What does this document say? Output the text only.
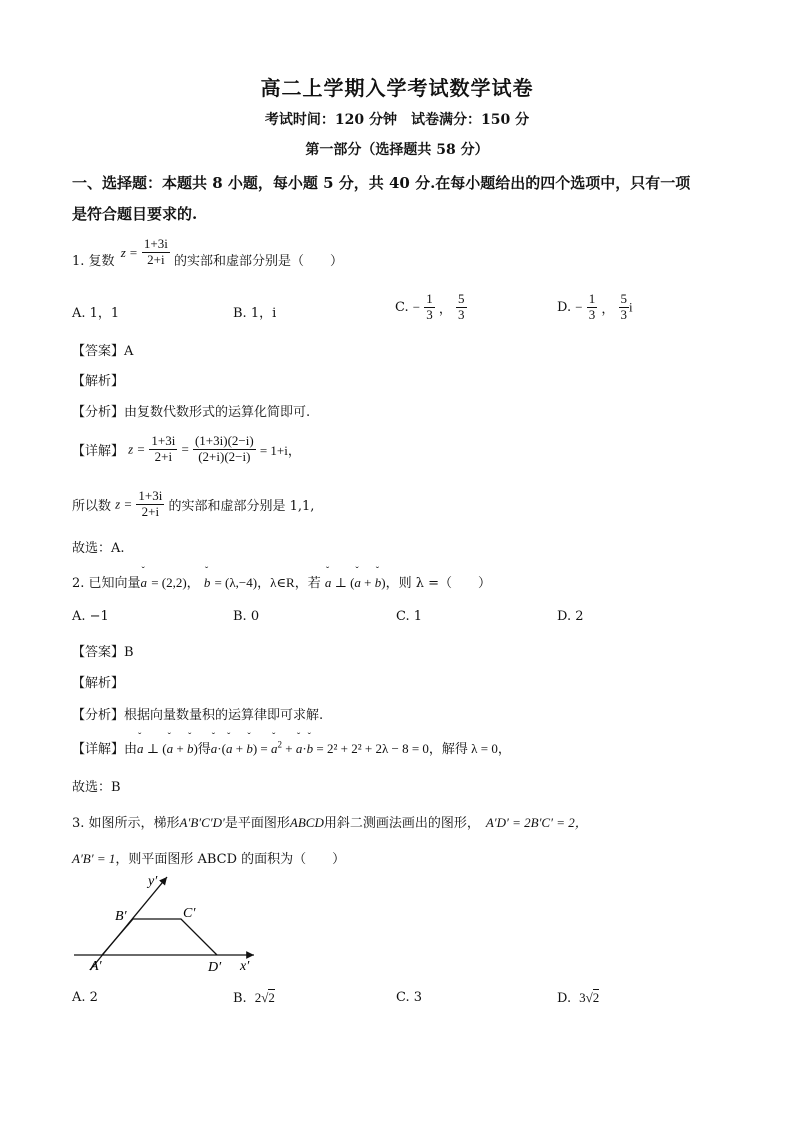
高二上学期入学考试数学试卷
考试时间：120 分钟　试卷满分：150 分
第一部分（选择题共 58 分）
一、选择题：本题共 8 小题，每小题 5 分，共 40 分.在每小题给出的四个选项中，只有一项
是符合题目要求的.
1. 复数 $z = \frac{1+3i}{2+i}$ 的实部和虚部分别是（　　）
A. 1，1	B. 1，i	C. − $\frac{1}{3}$ ， $\frac{5}{3}$	D. − $\frac{1}{3}$ ， $\frac{5}{3}$ i
【答案】A
【解析】
【分析】由复数代数形式的运算化简即可.
【详解】 $z = \frac{1+3i}{2+i} = \frac{(1+3i)(2-i)}{(2+i)(2-i)} = 1+i$，
所以数 $z = \frac{1+3i}{2+i}$ 的实部和虚部分别是 1,1,
故选：A.
2. 已知向量ˇ a = (2,2)， ˇ b = (λ,−4)，λ∈R，若 ˇ a ⊥ (ˇ a + ˇ b)，则 λ =（　　）
A. −1	B. 0	C. 1	D. 2
【答案】B
【解析】
【分析】根据向量数量积的运算律即可求解.
【详解】由ˇ a ⊥ (ˇ a + ˇ b)得ˇ a·(ˇ a + ˇ b) = ˇ $a^2$ + ˇ a·ˇ b = 2² + 2² + 2λ − 8 = 0，解得 λ = 0，
故选：B
3. 如图所示，梯形A′B′C′D′是平面图形ABCD用斜二测画法画出的图形， A′D′ = 2B′C′ = 2，
A′B′ = 1，则平面图形 ABCD 的面积为（　　）
y′
x′
B′	C′
A′	D′
A. 2	B. 2√2	C. 3	D. 3√2
